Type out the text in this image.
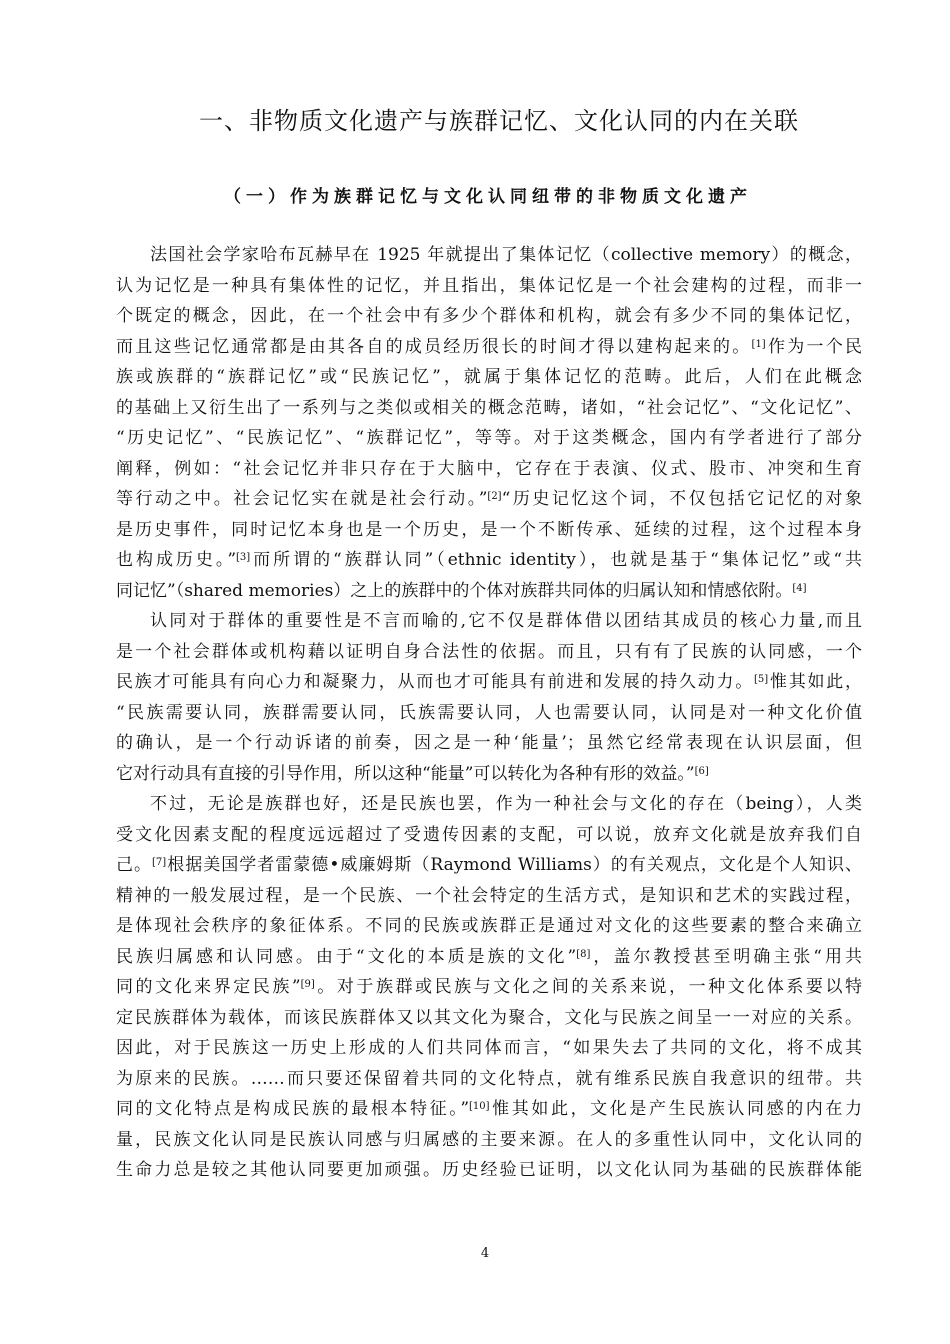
一、非物质文化遗产与族群记忆、文化认同的内在关联
（一）作为族群记忆与文化认同纽带的非物质文化遗产
法国社会学家哈布瓦赫早在 1925 年就提出了集体记忆（collective memory）的概念，
认为记忆是一种具有集体性的记忆，并且指出，集体记忆是一个社会建构的过程，而非一
个既定的概念，因此，在一个社会中有多少个群体和机构，就会有多少不同的集体记忆，
而且这些记忆通常都是由其各自的成员经历很长的时间才得以建构起来的。[1]作为一个民
族或族群的“族群记忆”或“民族记忆”，就属于集体记忆的范畴。此后，人们在此概念
的基础上又衍生出了一系列与之类似或相关的概念范畴，诸如，“社会记忆”、“文化记忆”、
“历史记忆”、“民族记忆”、“族群记忆”，等等。对于这类概念，国内有学者进行了部分
阐释，例如：“社会记忆并非只存在于大脑中，它存在于表演、仪式、股市、冲突和生育
等行动之中。社会记忆实在就是社会行动。”[2]“历史记忆这个词，不仅包括它记忆的对象
是历史事件，同时记忆本身也是一个历史，是一个不断传承、延续的过程，这个过程本身
也构成历史。”[3]而所谓的“族群认同”（ethnic identity），也就是基于“集体记忆”或“共
同记忆”（shared memories）之上的族群中的个体对族群共同体的归属认知和情感依附。[4]
认同对于群体的重要性是不言而喻的,它不仅是群体借以团结其成员的核心力量,而且
是一个社会群体或机构藉以证明自身合法性的依据。而且，只有有了民族的认同感，一个
民族才可能具有向心力和凝聚力，从而也才可能具有前进和发展的持久动力。[5]惟其如此，
“民族需要认同，族群需要认同，氏族需要认同，人也需要认同，认同是对一种文化价值
的确认，是一个行动诉诸的前奏，因之是一种‘能量’；虽然它经常表现在认识层面，但
它对行动具有直接的引导作用，所以这种“能量”可以转化为各种有形的效益。”[6]
不过，无论是族群也好，还是民族也罢，作为一种社会与文化的存在（being），人类
受文化因素支配的程度远远超过了受遗传因素的支配，可以说，放弃文化就是放弃我们自
己。[7]根据美国学者雷蒙德•威廉姆斯（Raymond Williams）的有关观点，文化是个人知识、
精神的一般发展过程，是一个民族、一个社会特定的生活方式，是知识和艺术的实践过程，
是体现社会秩序的象征体系。不同的民族或族群正是通过对文化的这些要素的整合来确立
民族归属感和认同感。由于“文化的本质是族的文化”[8]，盖尔教授甚至明确主张“用共
同的文化来界定民族”[9]。对于族群或民族与文化之间的关系来说，一种文化体系要以特
定民族群体为载体，而该民族群体又以其文化为聚合，文化与民族之间呈一一对应的关系。
因此，对于民族这一历史上形成的人们共同体而言，“如果失去了共同的文化，将不成其
为原来的民族。……而只要还保留着共同的文化特点，就有维系民族自我意识的纽带。共
同的文化特点是构成民族的最根本特征。”[10]惟其如此，文化是产生民族认同感的内在力
量，民族文化认同是民族认同感与归属感的主要来源。在人的多重性认同中，文化认同的
生命力总是较之其他认同要更加顽强。历史经验已证明，以文化认同为基础的民族群体能
4
